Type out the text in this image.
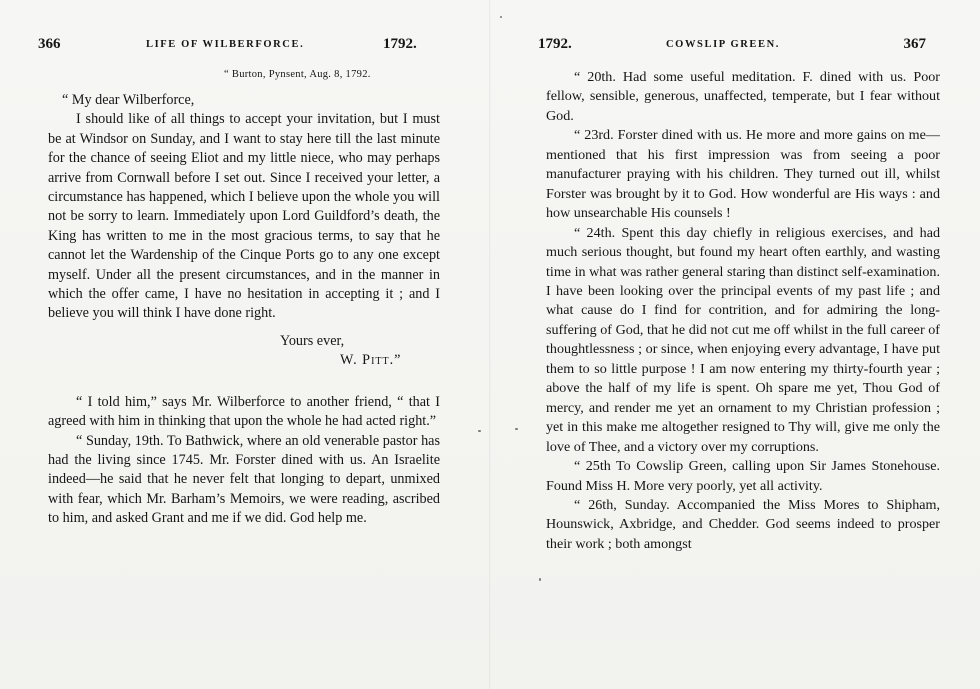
366	LIFE OF WILBERFORCE.	1792.

“ Burton, Pynsent, Aug. 8, 1792.

“ My dear Wilberforce,

I should like of all things to accept your invitation, but I must be at Windsor on Sunday, and I want to stay here till the last minute for the chance of seeing Eliot and my little niece, who may perhaps arrive from Cornwall before I set out. Since I received your letter, a circumstance has happened, which I believe upon the whole you will not be sorry to learn. Immediately upon Lord Guildford’s death, the King has written to me in the most gracious terms, to say that he cannot let the Wardenship of the Cinque Ports go to any one except myself. Under all the present circumstances, and in the manner in which the offer came, I have no hesitation in accepting it ; and I believe you will think I have done right.

Yours ever,

W. Pitt.”

“ I told him,” says Mr. Wilberforce to another friend, “ that I agreed with him in thinking that upon the whole he had acted right.”

“ Sunday, 19th. To Bathwick, where an old venerable pastor has had the living since 1745. Mr. Forster dined with us. An Israelite indeed—he said that he never felt that longing to depart, unmixed with fear, which Mr. Barham’s Memoirs, we were reading, ascribed to him, and asked Grant and me if we did. God help me.

1792.	COWSLIP GREEN.	367

“ 20th. Had some useful meditation. F. dined with us. Poor fellow, sensible, generous, unaffected, temperate, but I fear without God.

“ 23rd. Forster dined with us. He more and more gains on me—mentioned that his first impression was from seeing a poor manufacturer praying with his children. They turned out ill, whilst Forster was brought by it to God. How wonderful are His ways : and how unsearchable His counsels !

“ 24th. Spent this day chiefly in religious exercises, and had much serious thought, but found my heart often earthly, and wasting time in what was rather general staring than distinct self-examination. I have been looking over the principal events of my past life ; and what cause do I find for contrition, and for admiring the long-suffering of God, that he did not cut me off whilst in the full career of thoughtlessness ; or since, when enjoying every advantage, I have put them to so little purpose ! I am now entering my thirty-fourth year ; above the half of my life is spent. Oh spare me yet, Thou God of mercy, and render me yet an ornament to my Christian profession ; yet in this make me altogether resigned to Thy will, give me only the love of Thee, and a victory over my corruptions.

“ 25th To Cowslip Green, calling upon Sir James Stonehouse. Found Miss H. More very poorly, yet all activity.

“ 26th, Sunday. Accompanied the Miss Mores to Shipham, Hounswick, Axbridge, and Chedder. God seems indeed to prosper their work ; both amongst
